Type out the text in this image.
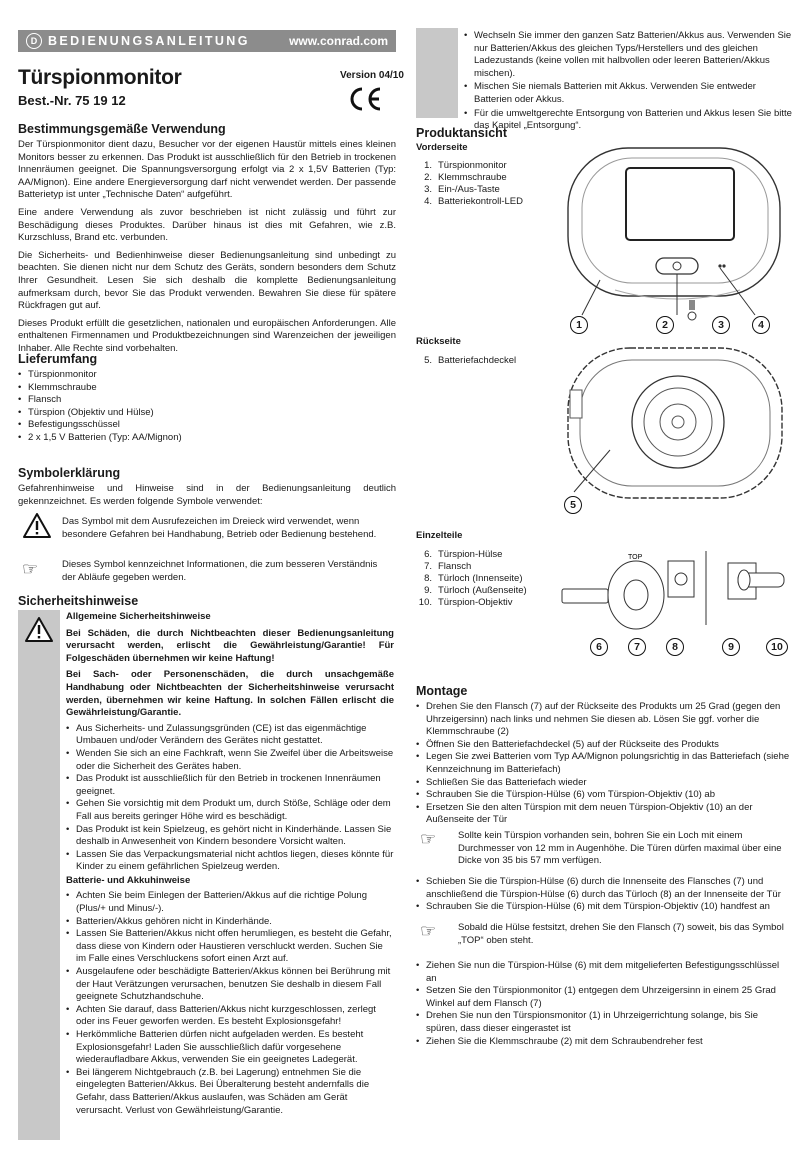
D BEDIENUNGSANLEITUNG	www.conrad.com
Türspionmonitor	Version 04/10
Best.-Nr. 75 19 12
Bestimmungsgemäße Verwendung

Der Türspionmonitor dient dazu, Besucher vor der eigenen Haustür mittels eines kleinen Monitors besser zu erkennen. Das Produkt ist ausschließlich für den Betrieb in trockenen Innenräumen geeignet. Die Spannungsversorgung erfolgt via 2 x 1,5V Batterien (Typ: AA/Mignon). Eine andere Energieversorgung darf nicht verwendet werden. Der passende Batterietyp ist unter „Technische Daten“ aufgeführt.

Eine andere Verwendung als zuvor beschrieben ist nicht zulässig und führt zur Beschädigung dieses Produktes. Darüber hinaus ist dies mit Gefahren, wie z.B. Kurzschluss, Brand etc. verbunden.

Die Sicherheits- und Bedienhinweise dieser Bedienungsanleitung sind unbedingt zu beachten. Sie dienen nicht nur dem Schutz des Geräts, sondern besonders dem Schutz Ihrer Gesundheit. Lesen Sie sich deshalb die komplette Bedienungsanleitung aufmerksam durch, bevor Sie das Produkt verwenden. Bewahren Sie diese für spätere Rückfragen gut auf.

Dieses Produkt erfüllt die gesetzlichen, nationalen und europäischen Anforderungen. Alle enthaltenen Firmennamen und Produktbezeichnungen sind Warenzeichen der jeweiligen Inhaber. Alle Rechte sind vorbehalten.

Lieferumfang
• Türspionmonitor
• Klemmschraube
• Flansch
• Türspion (Objektiv und Hülse)
• Befestigungsschüssel
• 2 x 1,5 V Batterien (Typ: AA/Mignon)
Symbolerklärung

Gefahrenhinweise und Hinweise sind in der Bedienungsanleitung deutlich gekennzeichnet. Es werden folgende Symbole verwendet:

Das Symbol mit dem Ausrufezeichen im Dreieck wird verwendet, wenn besondere Gefahren bei Handhabung, Betrieb oder Bedienung bestehend.

☞	Dieses Symbol kennzeichnet Informationen, die zum besseren Verständnis der Abläufe gegeben werden.

Sicherheitshinweise

Allgemeine Sicherheitshinweise

Bei Schäden, die durch Nichtbeachten dieser Bedienungsanleitung verursacht werden, erlischt die Gewährleistung/Garantie! Für Folgeschäden übernehmen wir keine Haftung!

Bei Sach- oder Personenschäden, die durch unsachgemäße Handhabung oder Nichtbeachten der Sicherheitshinweise verursacht werden, übernehmen wir keine Haftung. In solchen Fällen erlischt die Gewährleistung/Garantie.

• Aus Sicherheits- und Zulassungsgründen (CE) ist das eigenmächtige Umbauen und/oder Verändern des Gerätes nicht gestattet.
• Wenden Sie sich an eine Fachkraft, wenn Sie Zweifel über die Arbeitsweise oder die Sicherheit des Gerätes haben.
• Das Produkt ist ausschließlich für den Betrieb in trockenen Innenräumen geeignet.
• Gehen Sie vorsichtig mit dem Produkt um, durch Stöße, Schläge oder dem Fall aus bereits geringer Höhe wird es beschädigt.
• Das Produkt ist kein Spielzeug, es gehört nicht in Kinderhände. Lassen Sie deshalb in Anwesenheit von Kindern besondere Vorsicht walten.
• Lassen Sie das Verpackungsmaterial nicht achtlos liegen, dieses könnte für Kinder zu einem gefährlichen Spielzeug werden.

Batterie- und Akkuhinweise

• Achten Sie beim Einlegen der Batterien/Akkus auf die richtige Polung (Plus/+ und Minus/-).
• Batterien/Akkus gehören nicht in Kinderhände.
• Lassen Sie Batterien/Akkus nicht offen herumliegen, es besteht die Gefahr, dass diese von Kindern oder Haustieren verschluckt werden. Suchen Sie im Falle eines Verschluckens sofort einen Arzt auf.
• Ausgelaufene oder beschädigte Batterien/Akkus können bei Berührung mit der Haut Verätzungen verursachen, benutzen Sie deshalb in diesem Fall geeignete Schutzhandschuhe.
• Achten Sie darauf, dass Batterien/Akkus nicht kurzgeschlossen, zerlegt oder ins Feuer geworfen werden. Es besteht Explosionsgefahr!
• Herkömmliche Batterien dürfen nicht aufgeladen werden. Es besteht Explosionsgefahr! Laden Sie ausschließlich dafür vorgesehene wiederaufladbare Akkus, verwenden Sie ein geeignetes Ladegerät.
• Bei längerem Nichtgebrauch (z.B. bei Lagerung) entnehmen Sie die eingelegten Batterien/Akkus. Bei Überalterung besteht andernfalls die Gefahr, dass Batterien/Akkus auslaufen, was Schäden am Gerät verursacht. Verlust von Gewährleistung/Garantie.
• Wechseln Sie immer den ganzen Satz Batterien/Akkus aus. Verwenden Sie nur Batterien/Akkus des gleichen Typs/Herstellers und des gleichen Ladezustands (keine vollen mit halbvollen oder leeren Batterien/Akkus mischen).
• Mischen Sie niemals Batterien mit Akkus. Verwenden Sie entweder Batterien oder Akkus.
• Für die umweltgerechte Entsorgung von Batterien und Akkus lesen Sie bitte das Kapitel „Entsorgung“.
Produktansicht

Vorderseite

1. Türspionmonitor
2. Klemmschraube
3. Ein-/Aus-Taste
4. Batteriekontroll-LED
1	2	3	4

Rückseite

5. Batteriefachdeckel
5

Einzelteile

6. Türspion-Hülse
7. Flansch
8. Türloch (Innenseite)
9. Türloch (Außenseite)
10. Türspion-Objektiv
TOP
6	7	8	9	10
Montage
• Drehen Sie den Flansch (7) auf der Rückseite des Produkts um 25 Grad (gegen den Uhrzeigersinn) nach links und nehmen Sie diesen ab. Lösen Sie ggf. vorher die Klemmschraube (2)
• Öffnen Sie den Batteriefachdeckel (5) auf der Rückseite des Produkts
• Legen Sie zwei Batterien vom Typ AA/Mignon polungsrichtig in das Batteriefach (siehe Kennzeichnung im Batteriefach)
• Schließen Sie das Batteriefach wieder
• Schrauben Sie die Türspion-Hülse (6) vom Türspion-Objektiv (10) ab
• Ersetzen Sie den alten Türspion mit dem neuen Türspion-Objektiv (10) an der Außenseite der Tür
☞ Sollte kein Türspion vorhanden sein, bohren Sie ein Loch mit einem Durchmesser von 12 mm in Augenhöhe. Die Türen dürfen maximal über eine Dicke von 35 bis 57 mm verfügen.

• Schieben Sie die Türspion-Hülse (6) durch die Innenseite des Flansches (7) und anschließend die Türspion-Hülse (6) durch das Türloch (8) an der Innenseite der Tür
• Schrauben Sie die Türspion-Hülse (6) mit dem Türspion-Objektiv (10) handfest an
☞ Sobald die Hülse festsitzt, drehen Sie den Flansch (7) soweit, bis das Symbol „TOP“ oben steht.

• Ziehen Sie nun die Türspion-Hülse (6) mit dem mitgelieferten Befestigungsschlüssel an
• Setzen Sie den Türspionmonitor (1) entgegen dem Uhrzeigersinn in einem 25 Grad Winkel auf dem Flansch (7)
• Drehen Sie nun den Türspionsmonitor (1) in Uhrzeigerrichtung solange, bis Sie spüren, dass dieser eingerastet ist
• Ziehen Sie die Klemmschraube (2) mit dem Schraubendreher fest
